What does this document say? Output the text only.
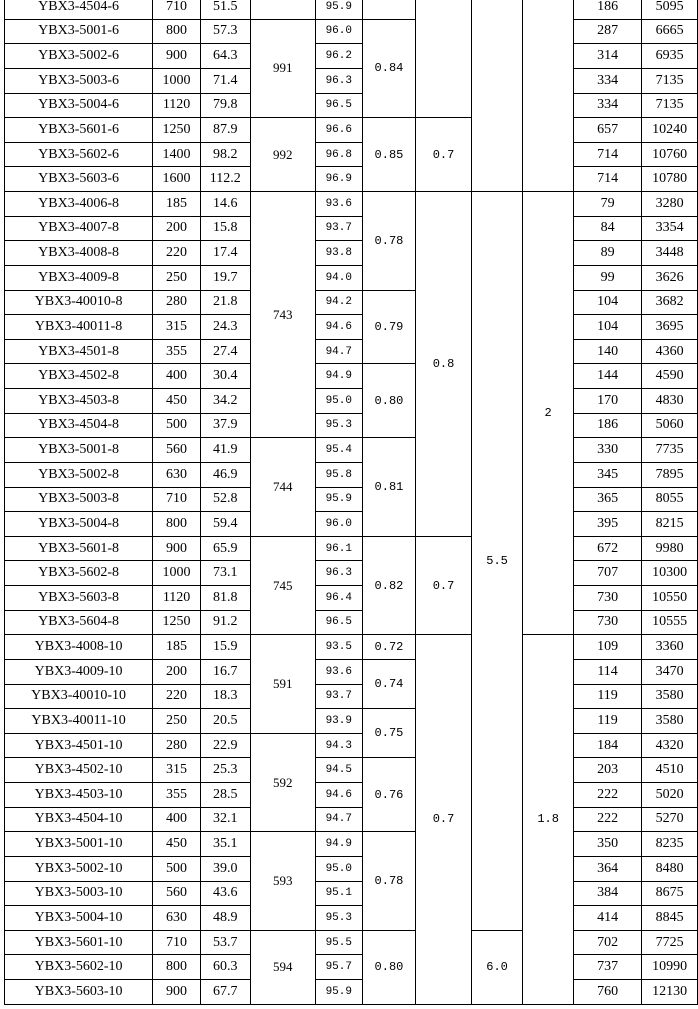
YBX3-4504-6	710	51.5		95.9					186	5095
YBX3-5001-6	800	57.3	991	96.0	0.84				287	6665
YBX3-5002-6	900	64.3		96.2					314	6935
YBX3-5003-6	1000	71.4		96.3					334	7135
YBX3-5004-6	1120	79.8		96.5					334	7135
YBX3-5601-6	1250	87.9	992	96.6	0.85	0.7			657	10240
YBX3-5602-6	1400	98.2		96.8					714	10760
YBX3-5603-6	1600	112.2		96.9					714	10780
YBX3-4006-8	185	14.6	743	93.6	0.78	0.8	5.5	2	79	3280
YBX3-4007-8	200	15.8		93.7					84	3354
YBX3-4008-8	220	17.4		93.8					89	3448
YBX3-4009-8	250	19.7		94.0					99	3626
YBX3-40010-8	280	21.8		94.2	0.79				104	3682
YBX3-40011-8	315	24.3		94.6					104	3695
YBX3-4501-8	355	27.4		94.7					140	4360
YBX3-4502-8	400	30.4		94.9	0.80				144	4590
YBX3-4503-8	450	34.2		95.0					170	4830
YBX3-4504-8	500	37.9		95.3					186	5060
YBX3-5001-8	560	41.9	744	95.4	0.81				330	7735
YBX3-5002-8	630	46.9		95.8					345	7895
YBX3-5003-8	710	52.8		95.9					365	8055
YBX3-5004-8	800	59.4		96.0					395	8215
YBX3-5601-8	900	65.9	745	96.1	0.82	0.7			672	9980
YBX3-5602-8	1000	73.1		96.3					707	10300
YBX3-5603-8	1120	81.8		96.4					730	10550
YBX3-5604-8	1250	91.2		96.5					730	10555
YBX3-4008-10	185	15.9	591	93.5	0.72	0.7		1.8	109	3360
YBX3-4009-10	200	16.7		93.6	0.74				114	3470
YBX3-40010-10	220	18.3		93.7					119	3580
YBX3-40011-10	250	20.5		93.9	0.75				119	3580
YBX3-4501-10	280	22.9	592	94.3					184	4320
YBX3-4502-10	315	25.3		94.5	0.76				203	4510
YBX3-4503-10	355	28.5		94.6					222	5020
YBX3-4504-10	400	32.1		94.7					222	5270
YBX3-5001-10	450	35.1	593	94.9	0.78				350	8235
YBX3-5002-10	500	39.0		95.0					364	8480
YBX3-5003-10	560	43.6		95.1					384	8675
YBX3-5004-10	630	48.9		95.3					414	8845
YBX3-5601-10	710	53.7	594	95.5	0.80		6.0		702	7725
YBX3-5602-10	800	60.3		95.7					737	10990
YBX3-5603-10	900	67.7		95.9					760	12130
